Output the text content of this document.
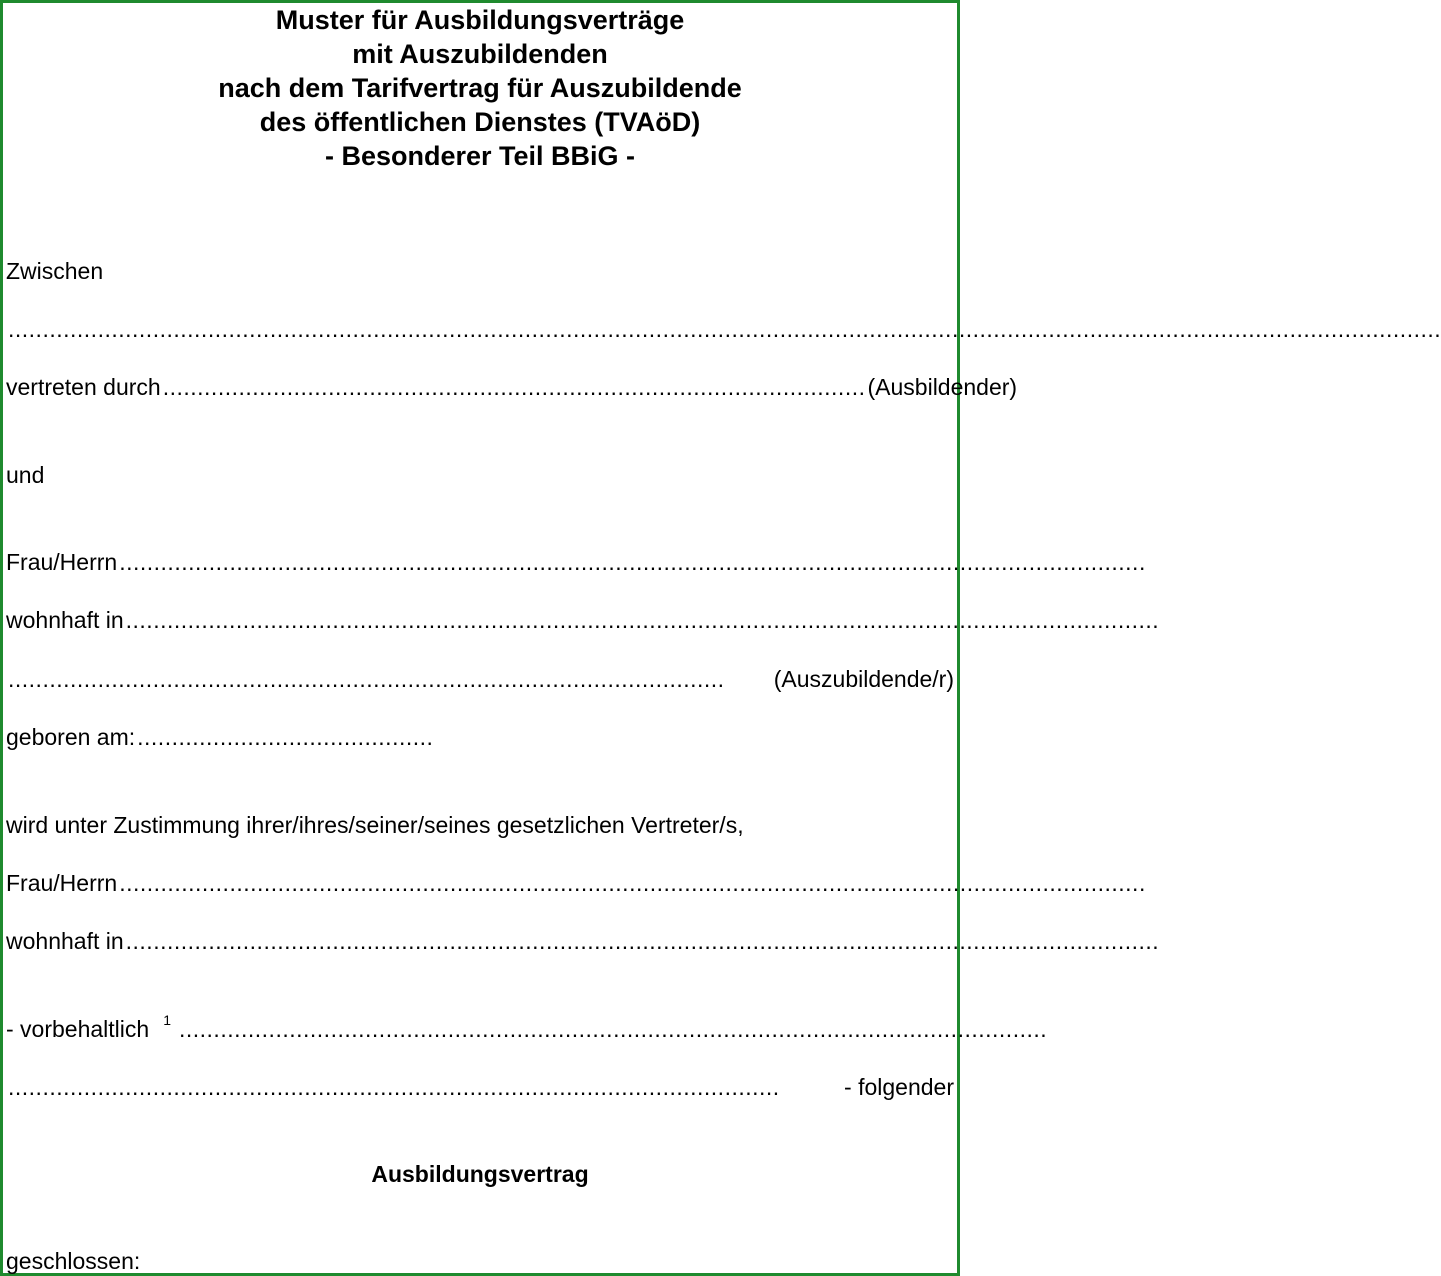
Muster für Ausbildungsverträge
mit Auszubildenden
nach dem Tarifvertrag für Auszubildende
des öffentlichen Dienstes (TVAöD)
- Besonderer Teil BBiG -
Zwischen
................................................................................................................................................................................................................
vertreten durch ...................................................................................................... (Ausbildender)
und
Frau/Herrn .....................................................................................................................................................
wohnhaft in ......................................................................................................................................................
........................................................................................................	(Auszubildende/r)
geboren am: ...........................................
wird unter Zustimmung ihrer/ihres/seiner/seines gesetzlichen Vertreter/s,
Frau/Herrn .....................................................................................................................................................
wohnhaft in ......................................................................................................................................................
- vorbehaltlich 1 ..............................................................................................................................
................................................................................................................	- folgender
Ausbildungsvertrag
geschlossen:
